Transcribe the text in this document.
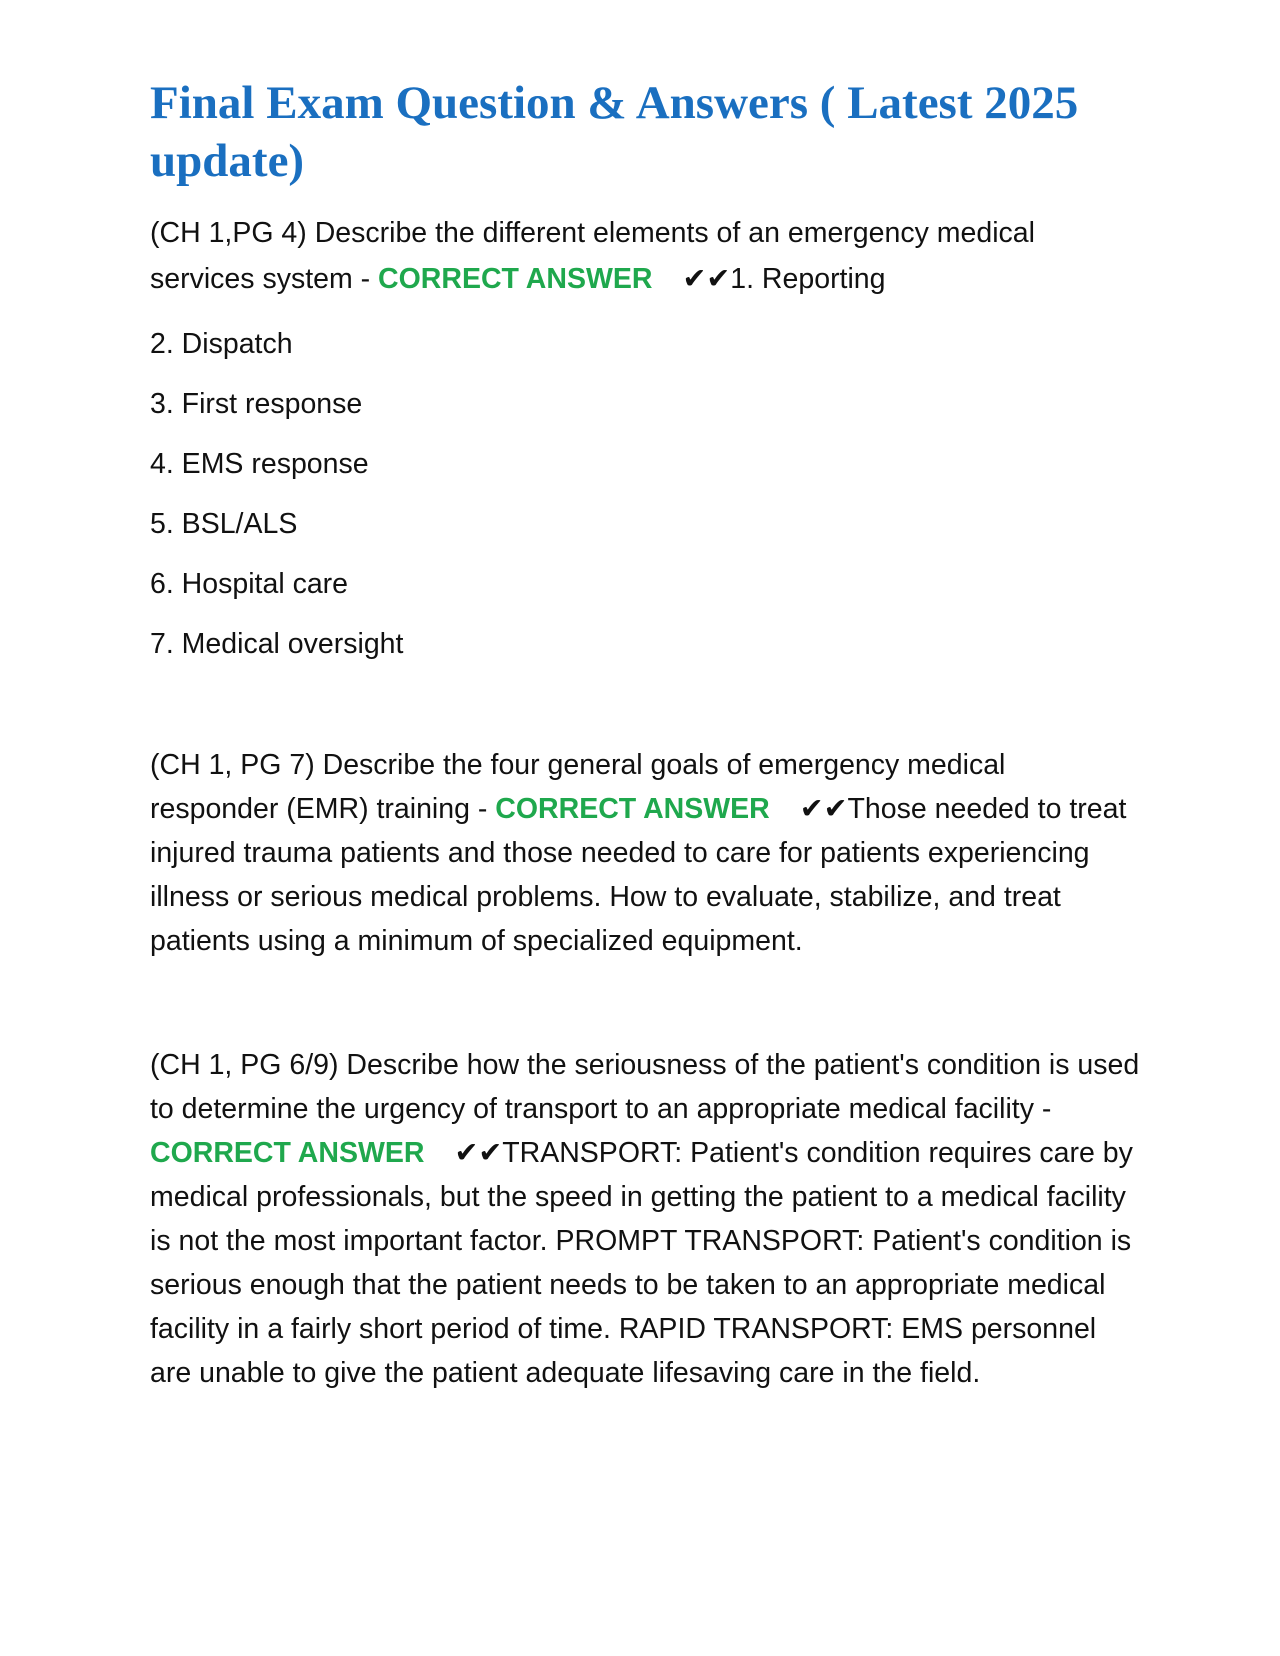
Final Exam Question & Answers ( Latest 2025 update)

(CH 1,PG 4) Describe the different elements of an emergency medical services system - CORRECT ANSWER ✔✔1. Reporting

2. Dispatch

3. First response

4. EMS response

5. BSL/ALS

6. Hospital care

7. Medical oversight

(CH 1, PG 7) Describe the four general goals of emergency medical responder (EMR) training - CORRECT ANSWER ✔✔Those needed to treat injured trauma patients and those needed to care for patients experiencing illness or serious medical problems. How to evaluate, stabilize, and treat patients using a minimum of specialized equipment.

(CH 1, PG 6/9) Describe how the seriousness of the patient's condition is used to determine the urgency of transport to an appropriate medical facility - CORRECT ANSWER ✔✔TRANSPORT: Patient's condition requires care by medical professionals, but the speed in getting the patient to a medical facility is not the most important factor. PROMPT TRANSPORT: Patient's condition is serious enough that the patient needs to be taken to an appropriate medical facility in a fairly short period of time. RAPID TRANSPORT: EMS personnel are unable to give the patient adequate lifesaving care in the field.
